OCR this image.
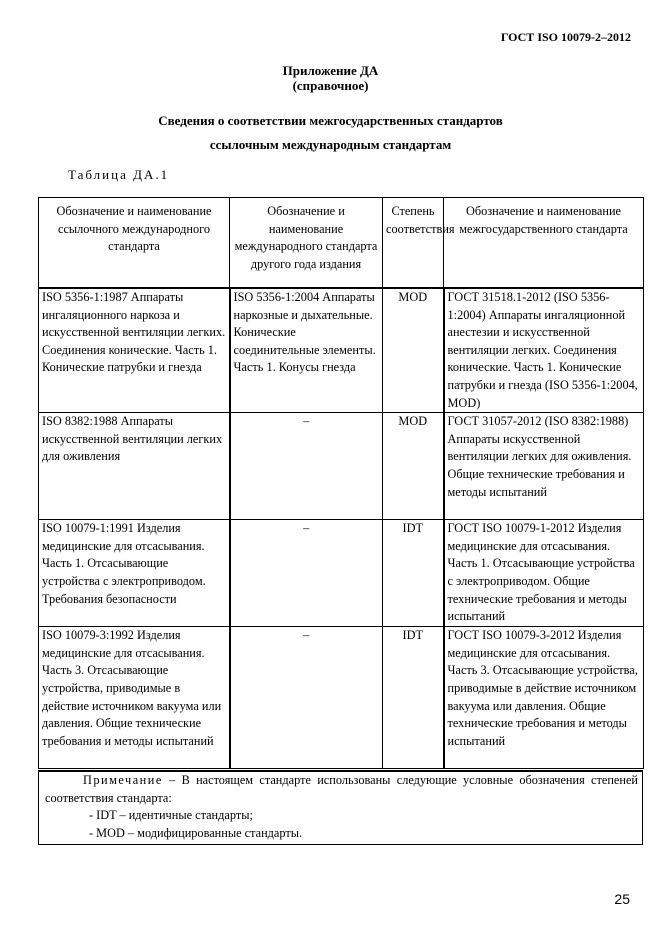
ГОСТ ISO 10079-2–2012
Приложение ДА
(справочное)
Сведения о соответствии межгосударственных стандартов
ссылочным международным стандартам
Таблица ДА.1
Обозначение и наименование ссылочного международного стандарта	Обозначение и наименование международного стандарта другого года издания	Степень соответствия	Обозначение и наименование межгосударственного стандарта
ISO 5356-1:1987 Аппараты ингаляционного наркоза и искусственной вентиляции легких. Соединения конические. Часть 1. Конические патрубки и гнезда	ISO 5356-1:2004 Аппараты наркозные и дыхательные. Конические соединительные элементы. Часть 1. Конусы гнезда	MOD	ГОСТ 31518.1-2012 (ISO 5356-1:2004) Аппараты ингаляционной анестезии и искусственной вентиляции легких. Соединения конические. Часть 1. Конические патрубки и гнезда (ISO 5356-1:2004, MOD)
ISO 8382:1988 Аппараты искусственной вентиляции легких для оживления	–	MOD	ГОСТ 31057-2012 (ISO 8382:1988) Аппараты искусственной вентиляции легких для оживления. Общие технические требования и методы испытаний
ISO 10079-1:1991 Изделия медицинские для отсасывания. Часть 1. Отсасывающие устройства с электроприводом. Требования безопасности	–	IDT	ГОСТ ISO 10079-1-2012 Изделия медицинские для отсасывания. Часть 1. Отсасывающие устройства с электроприводом. Общие технические требования и методы испытаний
ISO 10079-3:1992 Изделия медицинские для отсасывания. Часть 3. Отсасывающие устройства, приводимые в действие источником вакуума или давления. Общие технические требования и методы испытаний	–	IDT	ГОСТ ISO 10079-3-2012 Изделия медицинские для отсасывания. Часть 3. Отсасывающие устройства, приводимые в действие источником вакуума или давления. Общие технические требования и методы испытаний

Примечание – В настоящем стандарте использованы следующие условные обозначения степеней соответствия стандарта:

- IDT – идентичные стандарты;

- MOD – модифицированные стандарты.

25
